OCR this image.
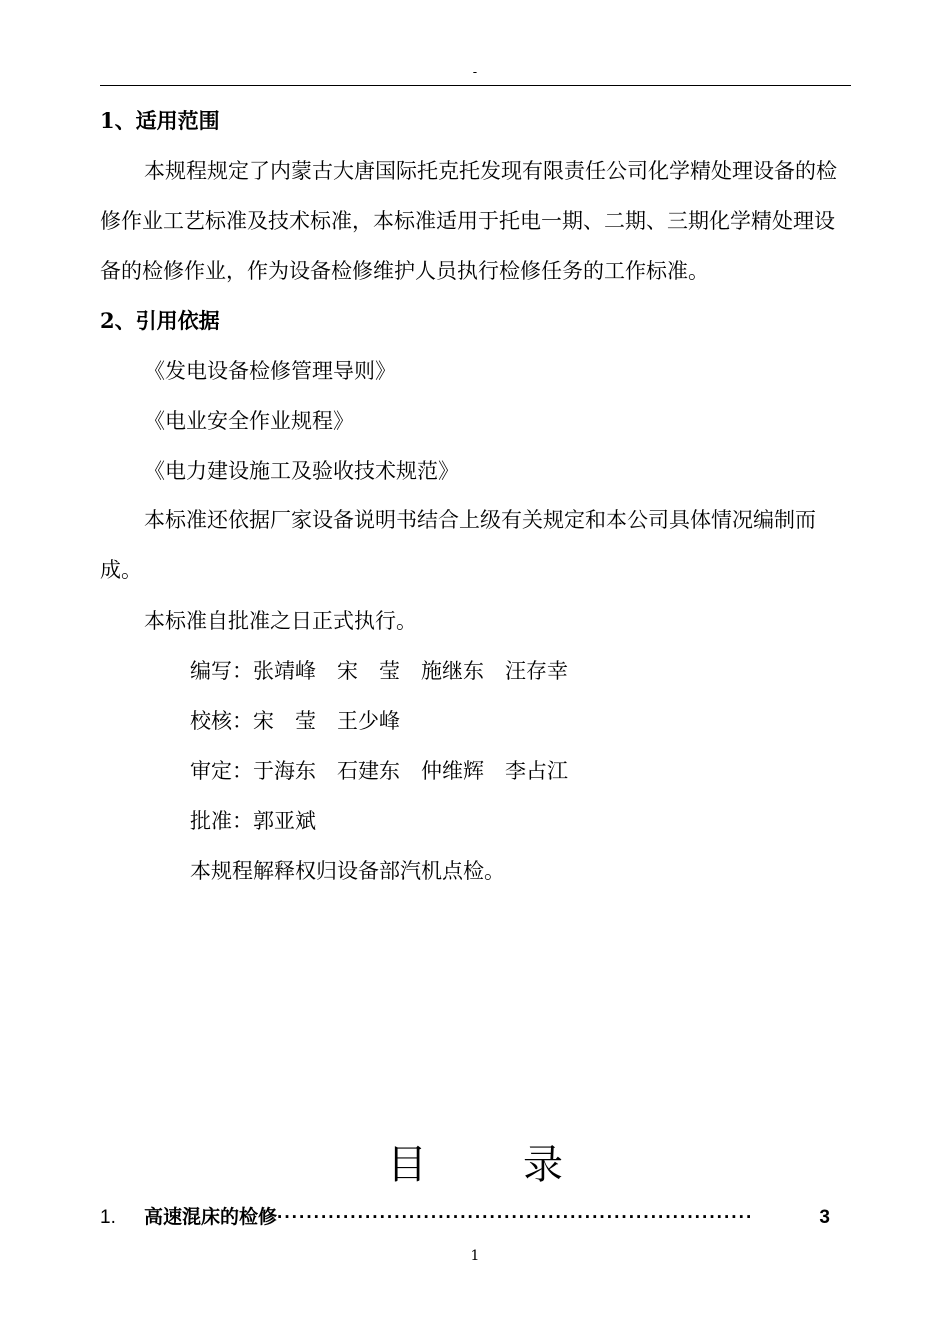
-
1、适用范围
本规程规定了内蒙古大唐国际托克托发现有限责任公司化学精处理设备的检修作业工艺标准及技术标准，本标准适用于托电一期、二期、三期化学精处理设备的检修作业，作为设备检修维护人员执行检修任务的工作标准。
2、引用依据
《发电设备检修管理导则》
《电业安全作业规程》
《电力建设施工及验收技术规范》
本标准还依据厂家设备说明书结合上级有关规定和本公司具体情况编制而成。
本标准自批准之日正式执行。
编写：张靖峰　宋　莹　施继东　汪存幸
校核：宋　莹　王少峰
审定：于海东　石建东　仲维辉　李占江
批准：郭亚斌
本规程解释权归设备部汽机点检。
目 录
1.	高速混床的检修 ·································································	3
1
